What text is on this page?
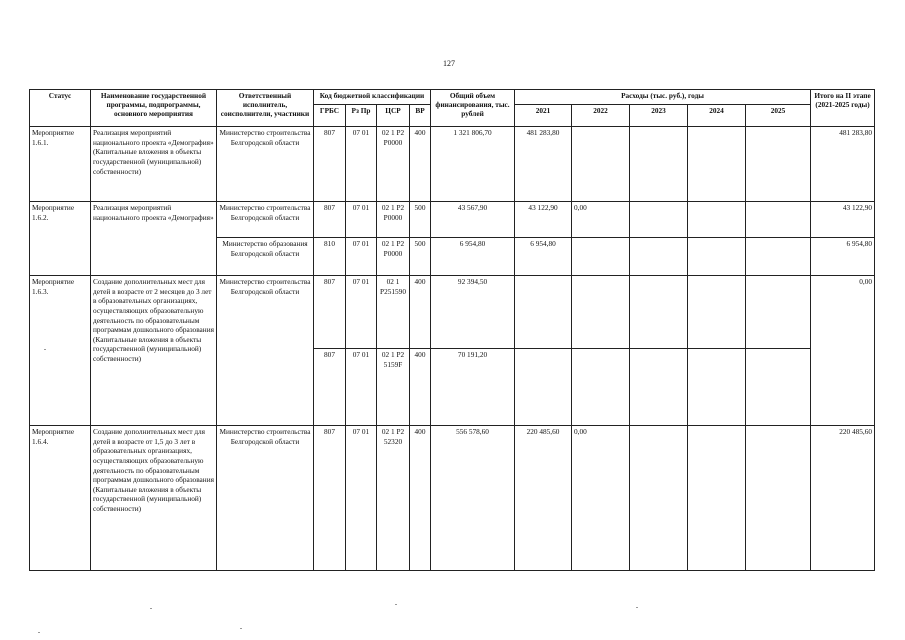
127
Статус	Наименование государственной программы, подпрограммы, основного мероприятия	Ответственный исполнитель, соисполнители, участники	Код бюджетной классификации				Общий объем финансирования, тыс. рублей	Расходы (тыс. руб.), годы					Итого на II этапе (2021-2025 годы)
			ГРБС	Рз Пр	ЦСР	ВР		2021	2022	2023	2024	2025	

Мероприятие 1.6.1.	Реализация мероприятий национального проекта «Демография» (Капитальные вложения в объекты государственной (муниципальной) собственности)	Министерство строительства Белгородской области	807	07 01	02 1 Р2 Р0000	400	1 321 806,70	481 283,80					481 283,80
Мероприятие 1.6.2.	Реализация мероприятий национального проекта «Демография»	Министерство строительства Белгородской области	807	07 01	02 1 Р2 Р0000	500	43 567,90	43 122,90	0,00				43 122,90
		Министерство образования Белгородской области	810	07 01	02 1 Р2 Р0000	500	6 954,80	6 954,80					6 954,80
Мероприятие 1.6.3.	Создание дополнительных мест для детей в возрасте от 2 месяцев до 3 лет в образовательных организациях, осуществляющих образовательную деятельность по образовательным программам дошкольного образования (Капитальные вложения в объекты государственной (муниципальной) собственности)	Министерство строительства Белгородской области	807	07 01	02 1 Р251590	400	92 394,50						0,00
			807	07 01	02 1 Р2 5159F	400	70 191,20						
Мероприятие 1.6.4.	Создание дополнительных мест для детей в возрасте от 1,5 до 3 лет в образовательных организациях, осуществляющих образовательную деятельность по образовательным программам дошкольного образования (Капитальные вложения в объекты государственной (муниципальной) собственности)	Министерство строительства Белгородской области	807	07 01	02 1 Р2 52320	400	556 578,60	220 485,60	0,00				220 485,60
